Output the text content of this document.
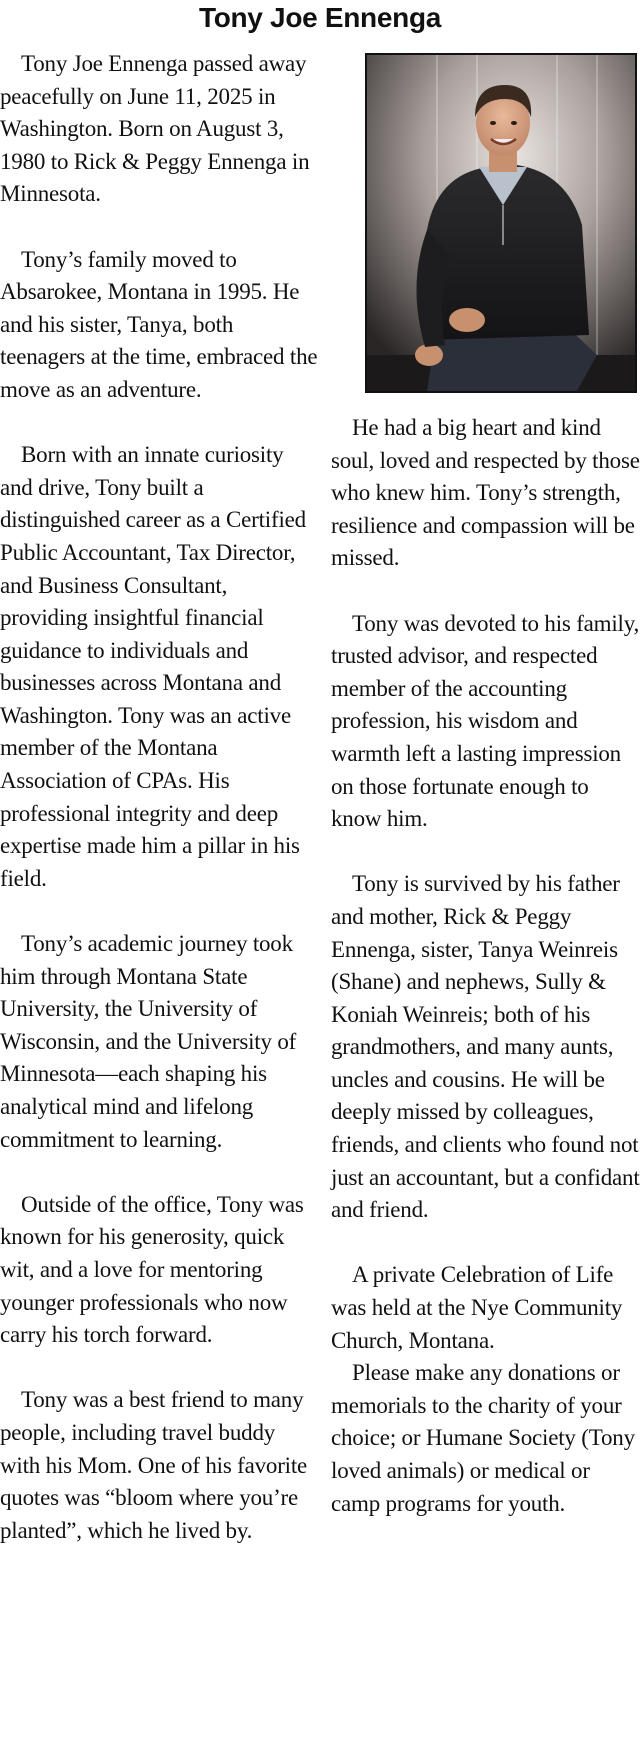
Tony Joe Ennenga

Tony Joe Ennenga passed away peacefully on June 11, 2025 in Washington. Born on August 3, 1980 to Rick & Peggy Ennenga in Minnesota.

Tony’s family moved to Absarokee, Montana in 1995. He and his sister, Tanya, both teenagers at the time, embraced the move as an adventure.

Born with an innate curiosity and drive, Tony built a distinguished career as a Certified Public Accountant, Tax Director, and Business Consultant, providing insightful financial guidance to individuals and businesses across Montana and Washington. Tony was an active member of the Montana Association of CPAs. His professional integrity and deep expertise made him a pillar in his field.

Tony’s academic journey took him through Montana State University, the University of Wisconsin, and the University of Minnesota—each shaping his analytical mind and lifelong commitment to learning.

Outside of the office, Tony was known for his generosity, quick wit, and a love for mentoring younger professionals who now carry his torch forward.

Tony was a best friend to many people, including travel buddy with his Mom. One of his favorite quotes was “bloom where you’re planted”, which he lived by.

He had a big heart and kind soul, loved and respected by those who knew him. Tony’s strength, resilience and compassion will be missed.

Tony was devoted to his family, trusted advisor, and respected member of the accounting profession, his wisdom and warmth left a lasting impression on those fortunate enough to know him.

Tony is survived by his father and mother, Rick & Peggy Ennenga, sister, Tanya Weinreis (Shane) and nephews, Sully & Koniah Weinreis; both of his grandmothers, and many aunts, uncles and cousins. He will be deeply missed by colleagues, friends, and clients who found not just an accountant, but a confidant and friend.

A private Celebration of Life was held at the Nye Community Church, Montana.

Please make any donations or memorials to the charity of your choice; or Humane Society (Tony loved animals) or medical or camp programs for youth.
